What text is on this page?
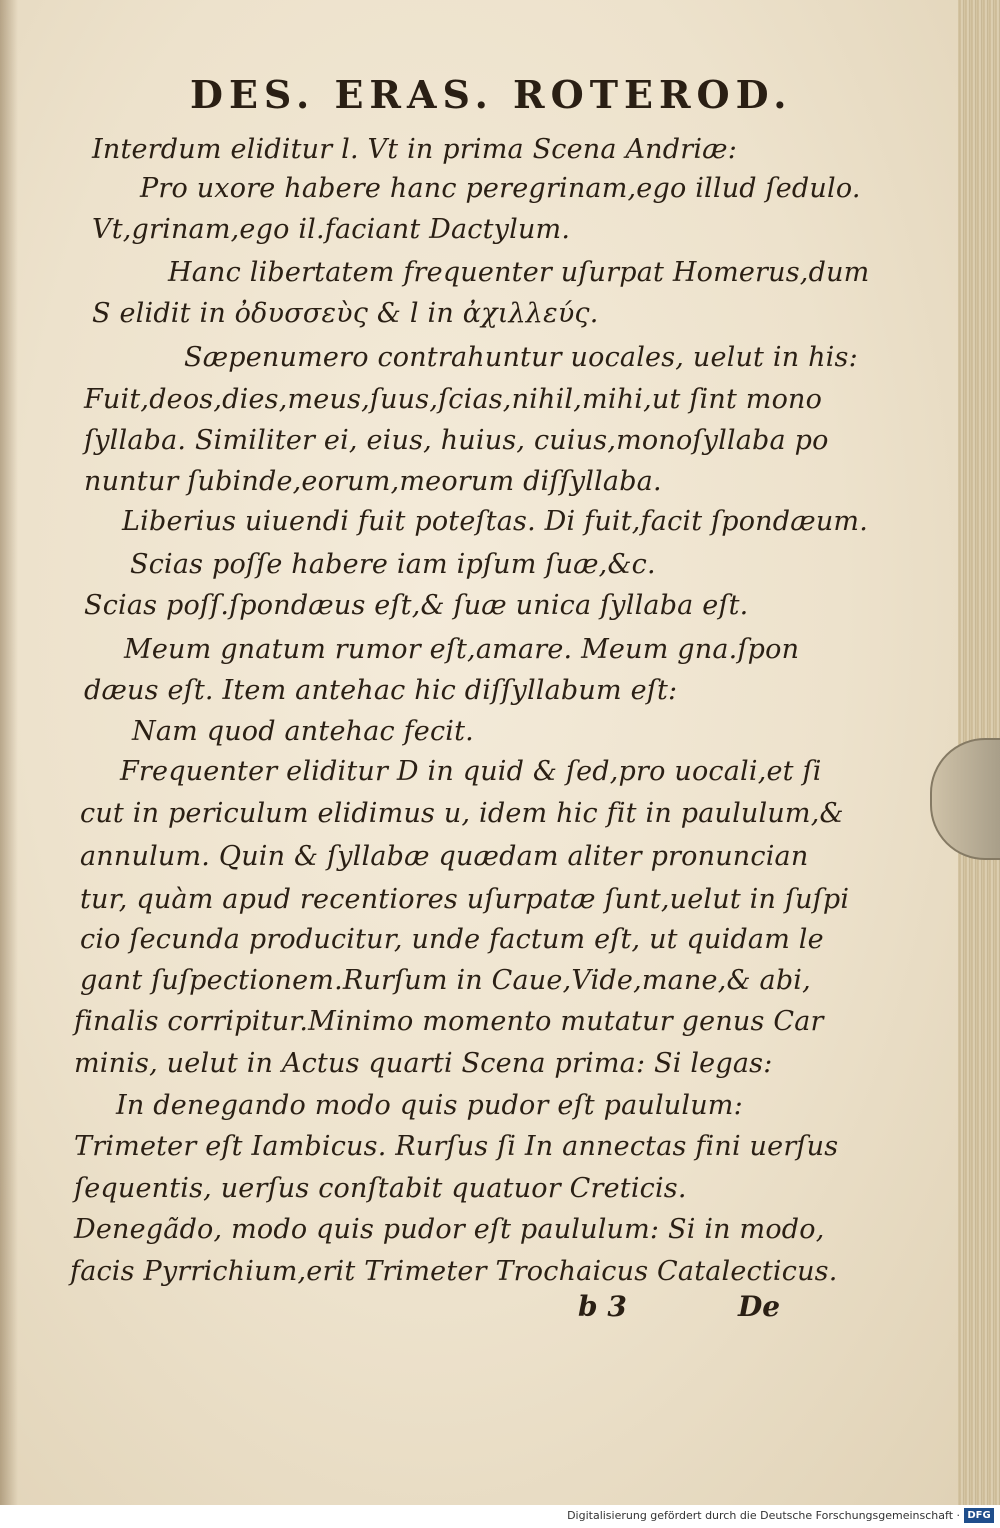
DES. ERAS. ROTEROD.
Interdum eliditur l. Vt in prima Scena Andriæ:
Pro uxore habere hanc peregrinam,ego illud ſedulo.
Vt,grinam,ego il.faciant Dactylum.
Hanc libertatem frequenter uſurpat Homerus,dum
S elidit in ὀδυσσεὺς & l in ἀχιλλεύς.
Sæpenumero contrahuntur uocales, uelut in his:
Fuit,deos,dies,meus,ſuus,ſcias,nihil,mihi,ut ſint mono
ſyllaba. Similiter ei, eius, huius, cuius,monoſyllaba po
nuntur ſubinde,eorum,meorum diſſyllaba.
Liberius uiuendi fuit poteſtas. Di fuit,facit ſpondæum.
Scias poſſe habere iam ipſum ſuæ,&c.
Scias poſſ.ſpondæus eſt,& ſuæ unica ſyllaba eſt.
Meum gnatum rumor eſt,amare. Meum gna.ſpon
dæus eſt. Item antehac hic diſſyllabum eſt:
Nam quod antehac fecit.
Frequenter eliditur D in quid & ſed,pro uocali,et ſi
cut in periculum elidimus u, idem hic fit in paululum,&
annulum. Quin & ſyllabæ quædam aliter pronuncian
tur, quàm apud recentiores uſurpatæ ſunt,uelut in ſuſpi
cio ſecunda producitur, unde factum eſt, ut quidam le
gant ſuſpectionem.Rurſum in Caue,Vide,mane,& abi,
finalis corripitur.Minimo momento mutatur genus Car
minis, uelut in Actus quarti Scena prima: Si legas:
In denegando modo quis pudor eſt paululum:
Trimeter eſt Iambicus. Rurſus ſi In annectas fini uerſus
ſequentis, uerſus conſtabit quatuor Creticis.
Denegãdo, modo quis pudor eſt paululum: Si in modo,
facis Pyrrichium,erit Trimeter Trochaicus Catalecticus.
b 3	De
Digitalisierung gefördert durch die Deutsche Forschungsgemeinschaft · DFG
